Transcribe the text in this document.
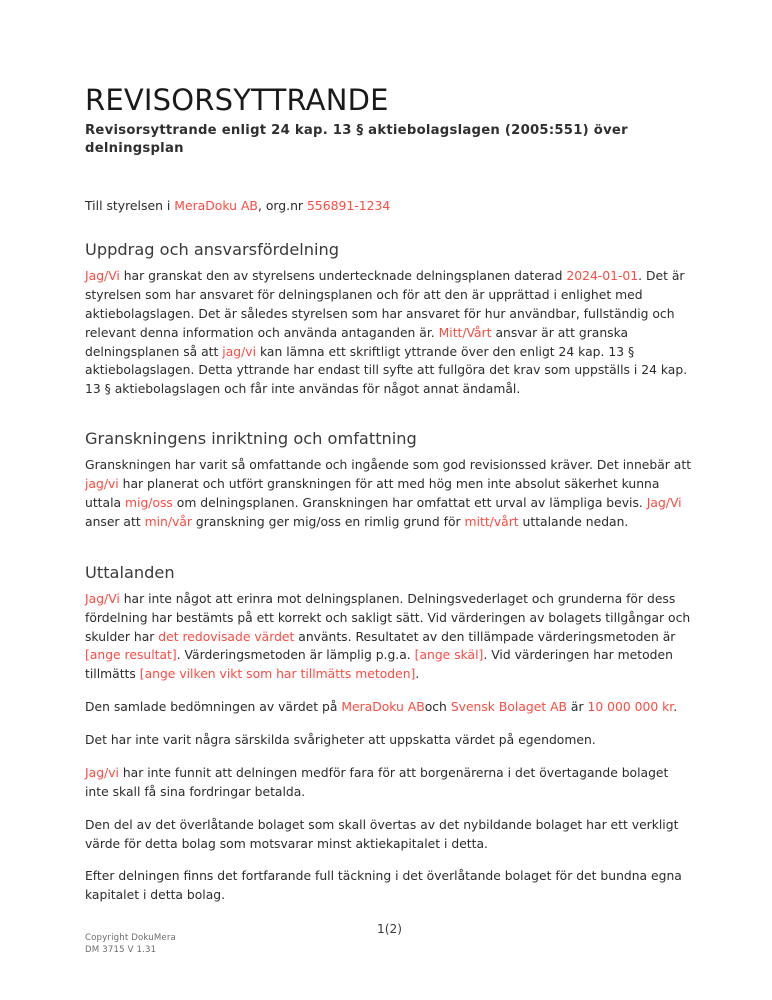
REVISORSYTTRANDE

Revisorsyttrande enligt 24 kap. 13 § aktiebolagslagen (2005:551) över delningsplan

Till styrelsen i MeraDoku AB, org.nr 556891-1234

Uppdrag och ansvarsfördelning

Jag/Vi har granskat den av styrelsens undertecknade delningsplanen daterad 2024-01-01. Det är styrelsen som har ansvaret för delningsplanen och för att den är upprättad i enlighet med aktiebolagslagen. Det är således styrelsen som har ansvaret för hur användbar, fullständig och relevant denna information och använda antaganden är. Mitt/Vårt ansvar är att granska delningsplanen så att jag/vi kan lämna ett skriftligt yttrande över den enligt 24 kap. 13 § aktiebolagslagen. Detta yttrande har endast till syfte att fullgöra det krav som uppställs i 24 kap. 13 § aktiebolagslagen och får inte användas för något annat ändamål.

Granskningens inriktning och omfattning

Granskningen har varit så omfattande och ingående som god revisionssed kräver. Det innebär att jag/vi har planerat och utfört granskningen för att med hög men inte absolut säkerhet kunna uttala mig/oss om delningsplanen. Granskningen har omfattat ett urval av lämpliga bevis. Jag/Vi anser att min/vår granskning ger mig/oss en rimlig grund för mitt/vårt uttalande nedan.

Uttalanden

Jag/Vi har inte något att erinra mot delningsplanen. Delningsvederlaget och grunderna för dess fördelning har bestämts på ett korrekt och sakligt sätt. Vid värderingen av bolagets tillgångar och skulder har det redovisade värdet använts. Resultatet av den tillämpade värderingsmetoden är [ange resultat]. Värderingsmetoden är lämplig p.g.a. [ange skäl]. Vid värderingen har metoden tillmätts [ange vilken vikt som har tillmätts metoden].

Den samlade bedömningen av värdet på MeraDoku ABoch Svensk Bolaget AB är 10 000 000 kr.

Det har inte varit några särskilda svårigheter att uppskatta värdet på egendomen.

Jag/vi har inte funnit att delningen medför fara för att borgenärerna i det övertagande bolaget inte skall få sina fordringar betalda.

Den del av det överlåtande bolaget som skall övertas av det nybildande bolaget har ett verkligt värde för detta bolag som motsvarar minst aktiekapitalet i detta.

Efter delningen finns det fortfarande full täckning i det överlåtande bolaget för det bundna egna kapitalet i detta bolag.

1(2)
Copyright DokuMera
DM 3715 V 1.31
